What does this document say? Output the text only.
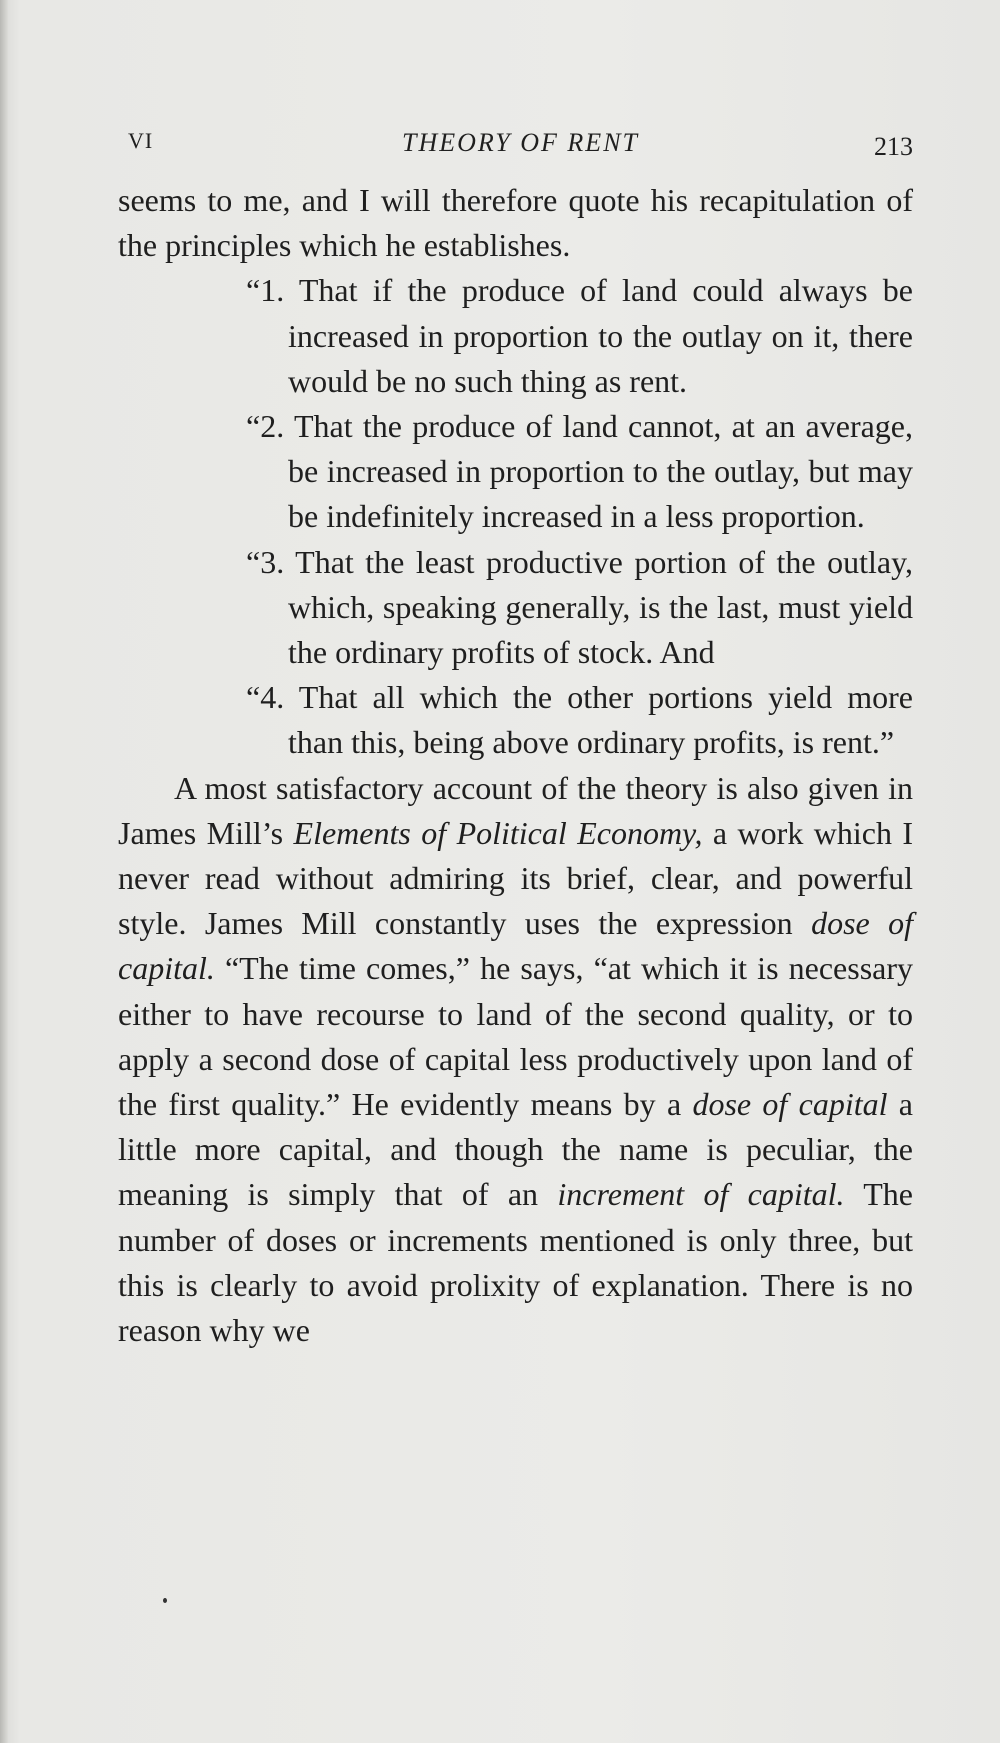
VI	THEORY OF RENT	213

seems to me, and I will therefore quote his recapitulation of the principles which he establishes.

“1. That if the produce of land could always be increased in proportion to the outlay on it, there would be no such thing as rent.

“2. That the produce of land cannot, at an average, be increased in proportion to the outlay, but may be indefinitely increased in a less proportion.

“3. That the least productive portion of the outlay, which, speaking generally, is the last, must yield the ordinary profits of stock. And

“4. That all which the other portions yield more than this, being above ordinary profits, is rent.”

A most satisfactory account of the theory is also given in James Mill’s Elements of Political Economy, a work which I never read without admiring its brief, clear, and powerful style. James Mill constantly uses the expression dose of capital. “The time comes,” he says, “at which it is necessary either to have recourse to land of the second quality, or to apply a second dose of capital less productively upon land of the first quality.” He evidently means by a dose of capital a little more capital, and though the name is peculiar, the meaning is simply that of an increment of capital. The number of doses or increments mentioned is only three, but this is clearly to avoid prolixity of explanation. There is no reason why we
